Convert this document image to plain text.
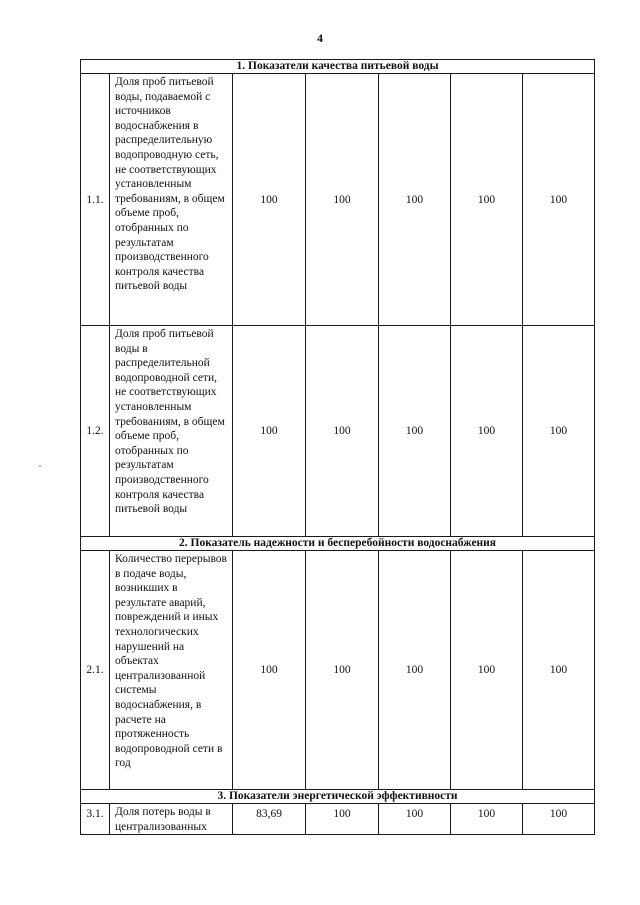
4
1. Показатели качества питьевой воды						
1.1.	Доля проб питьевой воды, подаваемой с источников водоснабжения в распределительную водопроводную сеть, не соответствующих установленным требованиям, в общем объеме проб, отобранных по результатам производственного контроля качества питьевой воды	100	100	100	100	100
1.2.	Доля проб питьевой воды в распределительной водопроводной сети, не соответствующих установленным требованиям, в общем объеме проб, отобранных по результатам производственного контроля качества питьевой воды	100	100	100	100	100
2. Показатель надежности и бесперебойности водоснабжения						
2.1.	Количество перерывов в подаче воды, возникших в результате аварий, повреждений и иных технологических нарушений на объектах централизованной системы водоснабжения, в расчете на протяженность водопроводной сети в год	100	100	100	100	100
3. Показатели энергетической эффективности						
3.1.	Доля потерь воды в централизованных	83,69	100	100	100	100
